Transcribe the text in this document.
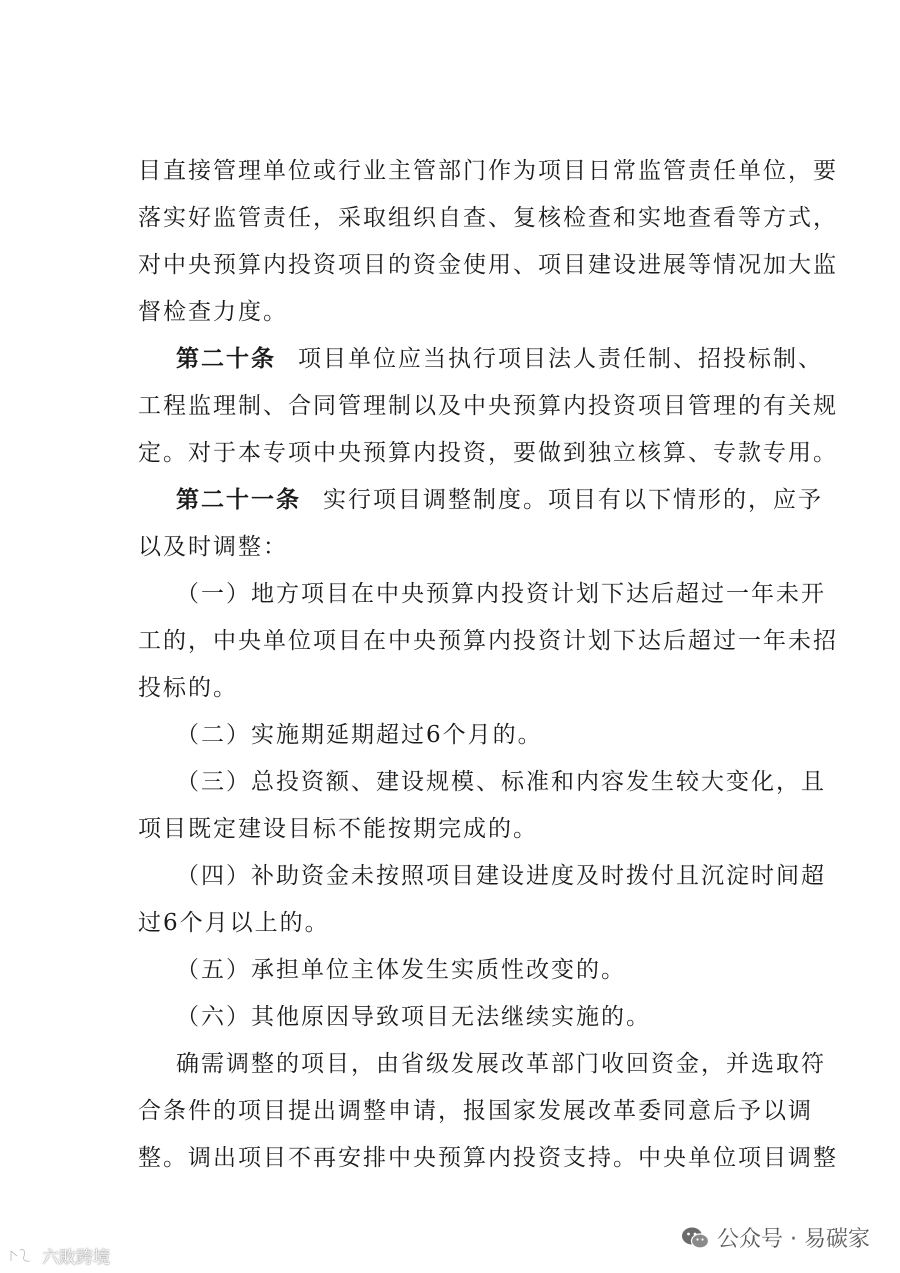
目直接管理单位或行业主管部门作为项目日常监管责任单位，要
落实好监管责任，采取组织自查、复核检查和实地查看等方式，
对中央预算内投资项目的资金使用、项目建设进展等情况加大监
督检查力度。
第二十条 项目单位应当执行项目法人责任制、招投标制、
工程监理制、合同管理制以及中央预算内投资项目管理的有关规
定。对于本专项中央预算内投资，要做到独立核算、专款专用。
第二十一条 实行项目调整制度。项目有以下情形的，应予
以及时调整：
（一）地方项目在中央预算内投资计划下达后超过一年未开
工的，中央单位项目在中央预算内投资计划下达后超过一年未招
投标的。
（二）实施期延期超过6个月的。
（三）总投资额、建设规模、标准和内容发生较大变化，且
项目既定建设目标不能按期完成的。
（四）补助资金未按照项目建设进度及时拨付且沉淀时间超
过6个月以上的。
（五）承担单位主体发生实质性改变的。
（六）其他原因导致项目无法继续实施的。
确需调整的项目，由省级发展改革部门收回资金，并选取符
合条件的项目提出调整申请，报国家发展改革委同意后予以调
整。调出项目不再安排中央预算内投资支持。中央单位项目调整
公众号 · 易碳家
六敗跨境
